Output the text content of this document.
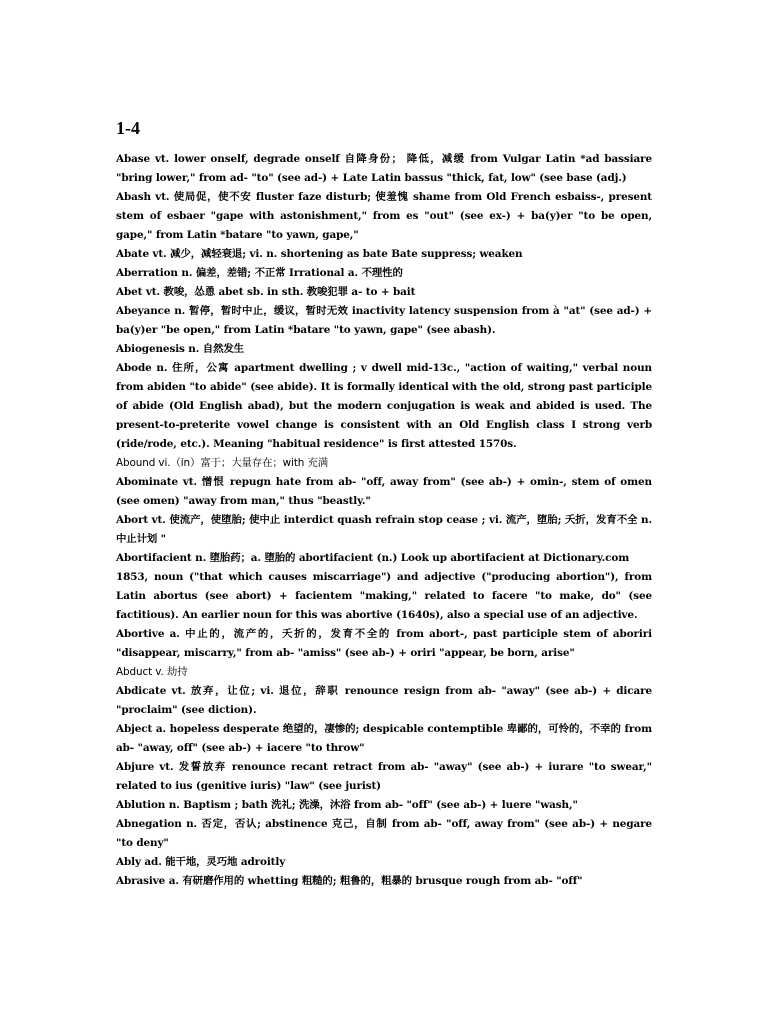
1-4

Abase vt. lower onself, degrade onself 自降身份； 降低，减缓 from Vulgar Latin *ad bassiare "bring lower," from ad- "to" (see ad-) + Late Latin bassus "thick, fat, low" (see base (adj.)

Abash vt. 使局促，使不安 fluster faze disturb; 使羞愧 shame from Old French esbaiss-, present stem of esbaer "gape with astonishment," from es "out" (see ex-) + ba(y)er "to be open, gape," from Latin *batare "to yawn, gape,"

Abate vt. 减少，减轻衰退; vi. n. shortening as bate Bate suppress; weaken

Aberration n. 偏差，差错; 不正常 Irrational a. 不理性的

Abet vt. 教唆，怂恿 abet sb. in sth. 教唆犯罪 a- to + bait

Abeyance n. 暂停，暂时中止，缓议，暂时无效 inactivity latency suspension from à "at" (see ad-) + ba(y)er "be open," from Latin *batare "to yawn, gape" (see abash).

Abiogenesis n. 自然发生

Abode n. 住所，公寓 apartment dwelling ; v dwell mid-13c., "action of waiting," verbal noun from abiden "to abide" (see abide). It is formally identical with the old, strong past participle of abide (Old English abad), but the modern conjugation is weak and abided is used. The present-to-preterite vowel change is consistent with an Old English class I strong verb (ride/rode, etc.). Meaning "habitual residence" is first attested 1570s.

Abound vi.（in）富于；大量存在；with 充满

Abominate vt. 憎恨 repugn hate from ab- "off, away from" (see ab-) + omin-, stem of omen (see omen) "away from man," thus "beastly."

Abort vt. 使流产，使堕胎; 使中止 interdict quash refrain stop cease ; vi. 流产，堕胎; 夭折，发育不全 n. 中止计划 "

Abortifacient n. 堕胎药；a. 堕胎的 abortifacient (n.) Look up abortifacient at Dictionary.com

1853, noun ("that which causes miscarriage") and adjective ("producing abortion"), from Latin abortus (see abort) + facientem "making," related to facere "to make, do" (see factitious). An earlier noun for this was abortive (1640s), also a special use of an adjective.

Abortive a. 中止的，流产的，夭折的，发育不全的 from abort-, past participle stem of aboriri "disappear, miscarry," from ab- "amiss" (see ab-) + oriri "appear, be born, arise"

Abduct v. 劫持

Abdicate vt. 放弃，让位; vi. 退位，辞职 renounce resign from ab- "away" (see ab-) + dicare "proclaim" (see diction).

Abject a. hopeless desperate 绝望的，凄惨的; despicable contemptible 卑鄙的，可怜的，不幸的 from ab- "away, off" (see ab-) + iacere "to throw"

Abjure vt. 发誓放弃 renounce recant retract from ab- "away" (see ab-) + iurare "to swear," related to ius (genitive iuris) "law" (see jurist)

Ablution n. Baptism ; bath 洗礼; 洗澡，沐浴 from ab- "off" (see ab-) + luere "wash,"

Abnegation n. 否定，否认; abstinence 克己，自制 from ab- "off, away from" (see ab-) + negare "to deny"

Ably ad. 能干地，灵巧地 adroitly

Abrasive a. 有研磨作用的 whetting 粗糙的; 粗鲁的，粗暴的 brusque rough from ab- "off"
